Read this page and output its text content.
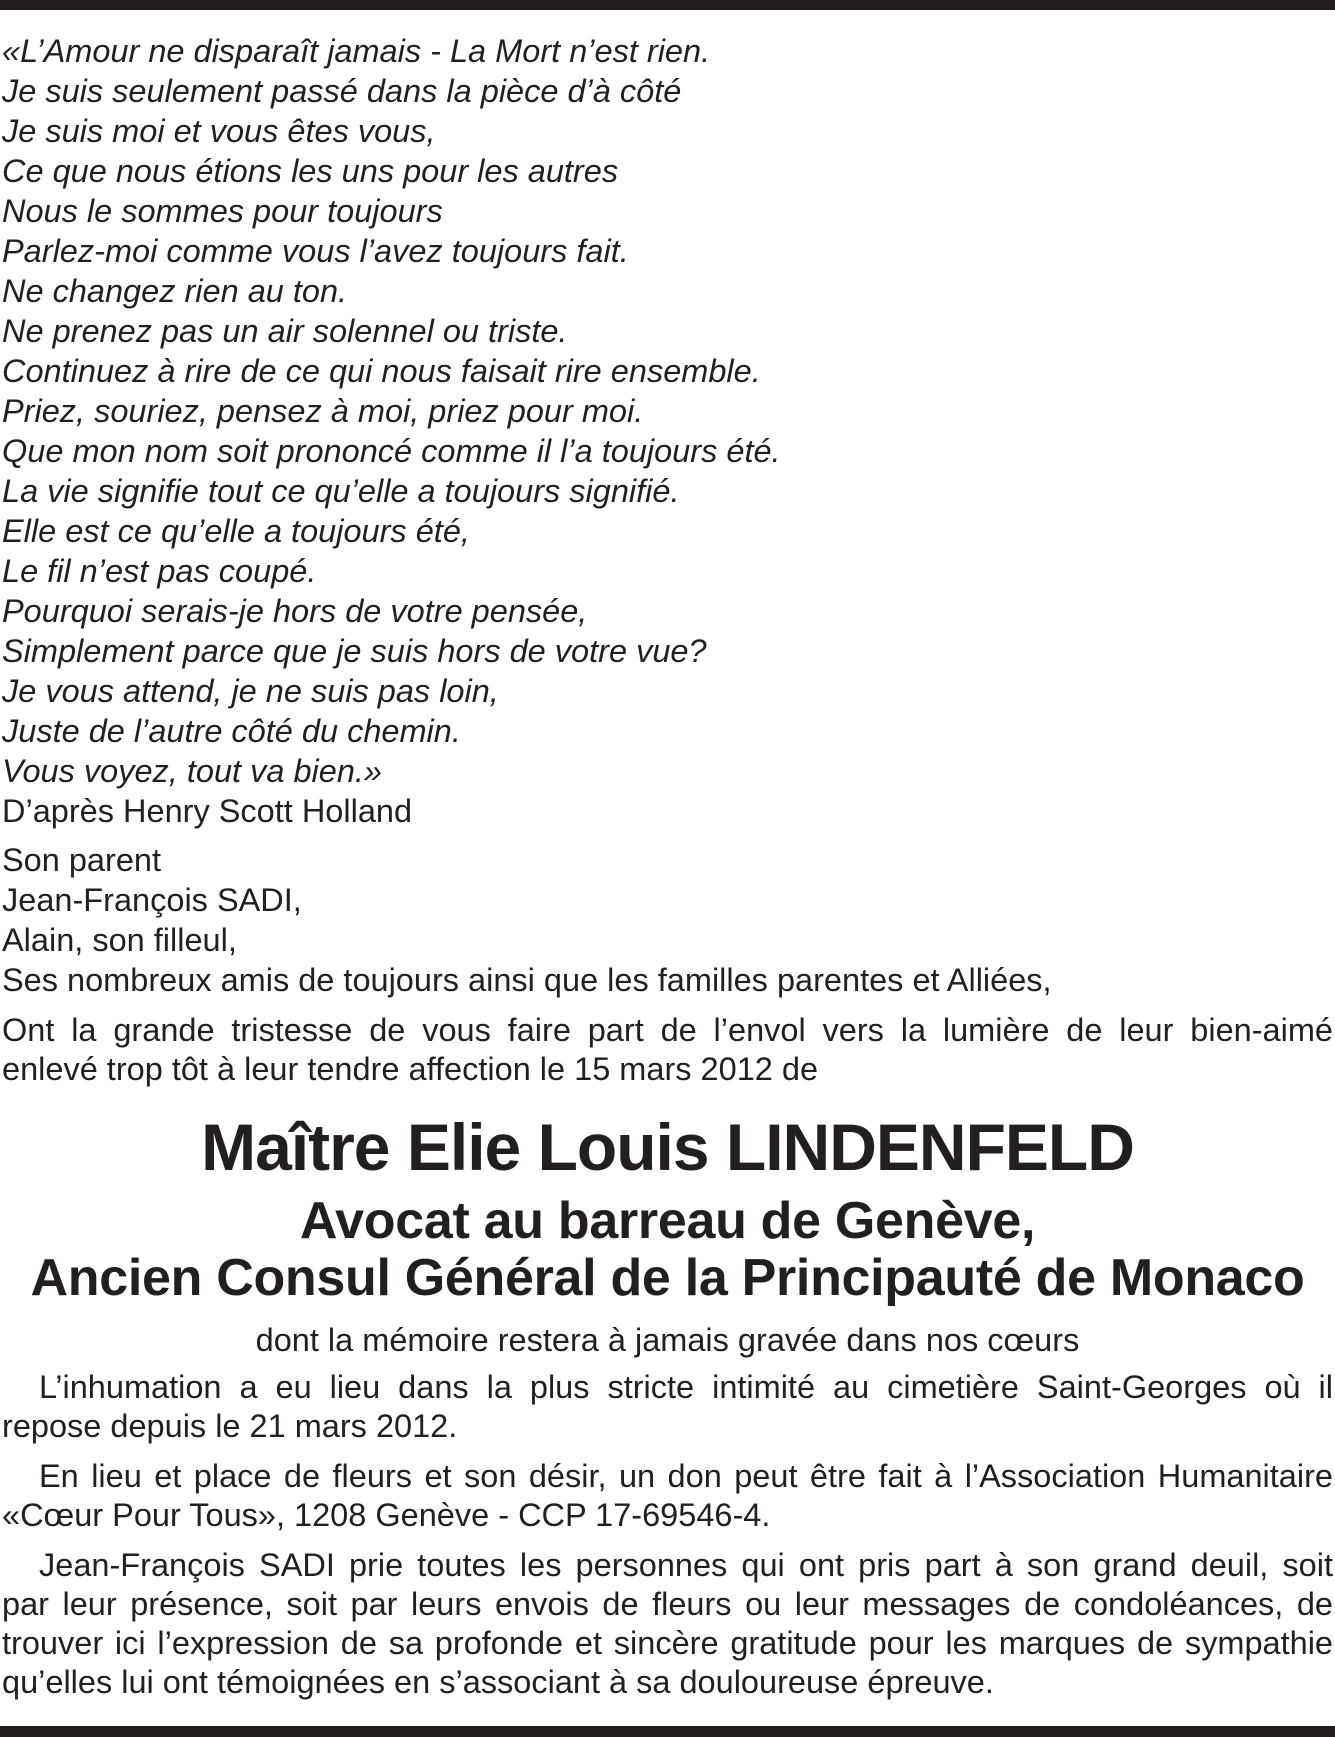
«L’Amour ne disparaît jamais - La Mort n’est rien.
Je suis seulement passé dans la pièce d’à côté
Je suis moi et vous êtes vous,
Ce que nous étions les uns pour les autres
Nous le sommes pour toujours
Parlez-moi comme vous l’avez toujours fait.
Ne changez rien au ton.
Ne prenez pas un air solennel ou triste.
Continuez à rire de ce qui nous faisait rire ensemble.
Priez, souriez, pensez à moi, priez pour moi.
Que mon nom soit prononcé comme il l’a toujours été.
La vie signifie tout ce qu’elle a toujours signifié.
Elle est ce qu’elle a toujours été,
Le fil n’est pas coupé.
Pourquoi serais-je hors de votre pensée,
Simplement parce que je suis hors de votre vue?
Je vous attend, je ne suis pas loin,
Juste de l’autre côté du chemin.
Vous voyez, tout va bien.»
D’après Henry Scott Holland
Son parent
Jean-François SADI,
Alain, son filleul,
Ses nombreux amis de toujours ainsi que les familles parentes et Alliées,
Ont la grande tristesse de vous faire part de l’envol vers la lumière de leur bien-aimé
enlevé trop tôt à leur tendre affection le 15 mars 2012 de
Maître Elie Louis LINDENFELD
Avocat au barreau de Genève,
Ancien Consul Général de la Principauté de Monaco
dont la mémoire restera à jamais gravée dans nos cœurs
L’inhumation a eu lieu dans la plus stricte intimité au cimetière Saint-Georges où il
repose depuis le 21 mars 2012.
En lieu et place de fleurs et son désir, un don peut être fait à l’Association Humanitaire
«Cœur Pour Tous», 1208 Genève - CCP 17-69546-4.
Jean-François SADI prie toutes les personnes qui ont pris part à son grand deuil, soit
par leur présence, soit par leurs envois de fleurs ou leur messages de condoléances, de
trouver ici l’expression de sa profonde et sincère gratitude pour les marques de sympathie
qu’elles lui ont témoignées en s’associant à sa douloureuse épreuve.
